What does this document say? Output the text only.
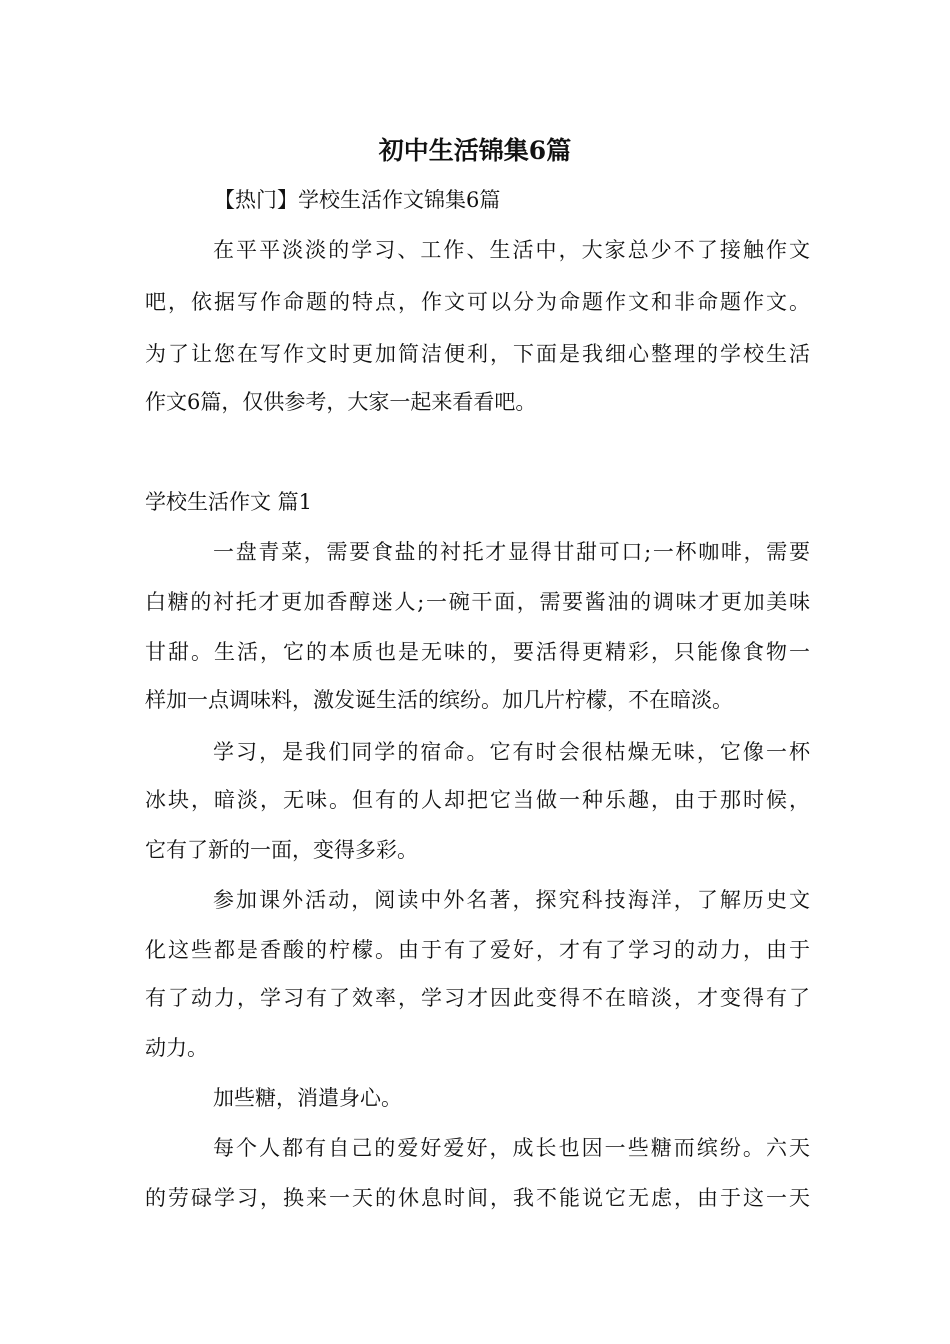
初中生活锦集6篇
【热门】学校生活作文锦集6篇
在平平淡淡的学习、工作、生活中，大家总少不了接触作文
吧，依据写作命题的特点，作文可以分为命题作文和非命题作文。
为了让您在写作文时更加简洁便利，下面是我细心整理的学校生活
作文6篇，仅供参考，大家一起来看看吧。
学校生活作文 篇1
一盘青菜，需要食盐的衬托才显得甘甜可口;一杯咖啡，需要
白糖的衬托才更加香醇迷人;一碗干面，需要酱油的调味才更加美味
甘甜。生活，它的本质也是无味的，要活得更精彩，只能像食物一
样加一点调味料，激发诞生活的缤纷。加几片柠檬，不在暗淡。
学习，是我们同学的宿命。它有时会很枯燥无味，它像一杯
冰块，暗淡，无味。但有的人却把它当做一种乐趣，由于那时候，
它有了新的一面，变得多彩。
参加课外活动，阅读中外名著，探究科技海洋，了解历史文
化这些都是香酸的柠檬。由于有了爱好，才有了学习的动力，由于
有了动力，学习有了效率，学习才因此变得不在暗淡，才变得有了
动力。
加些糖，消遣身心。
每个人都有自己的爱好爱好，成长也因一些糖而缤纷。六天
的劳碌学习，换来一天的休息时间，我不能说它无虑，由于这一天
